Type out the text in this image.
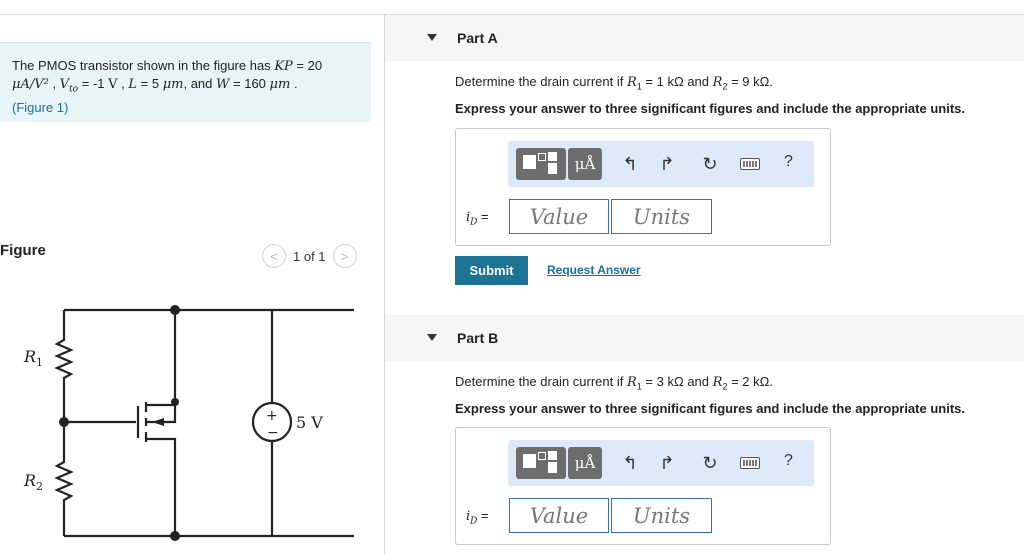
The PMOS transistor shown in the figure has KP = 20
μA/V² , $V_{to} = -1$ V , L = 5 μm, and W = 160 μm .
(Figure 1)
Figure	<	1 of 1	>
$R_1$
$R_2$
+
−
5 V
Part A
Determine the drain current if $R_1 = 1$ kΩ and $R_2 = 9$ kΩ.
Express your answer to three significant figures and include the appropriate units.
μÅ	↰ ↱ ↻	?
$i_D$ =	Value	Units
Submit	Request Answer
Part B
Determine the drain current if $R_1 = 3$ kΩ and $R_2 = 2$ kΩ.
Express your answer to three significant figures and include the appropriate units.
μÅ	↰ ↱ ↻	?
$i_D$ =	Value	Units
